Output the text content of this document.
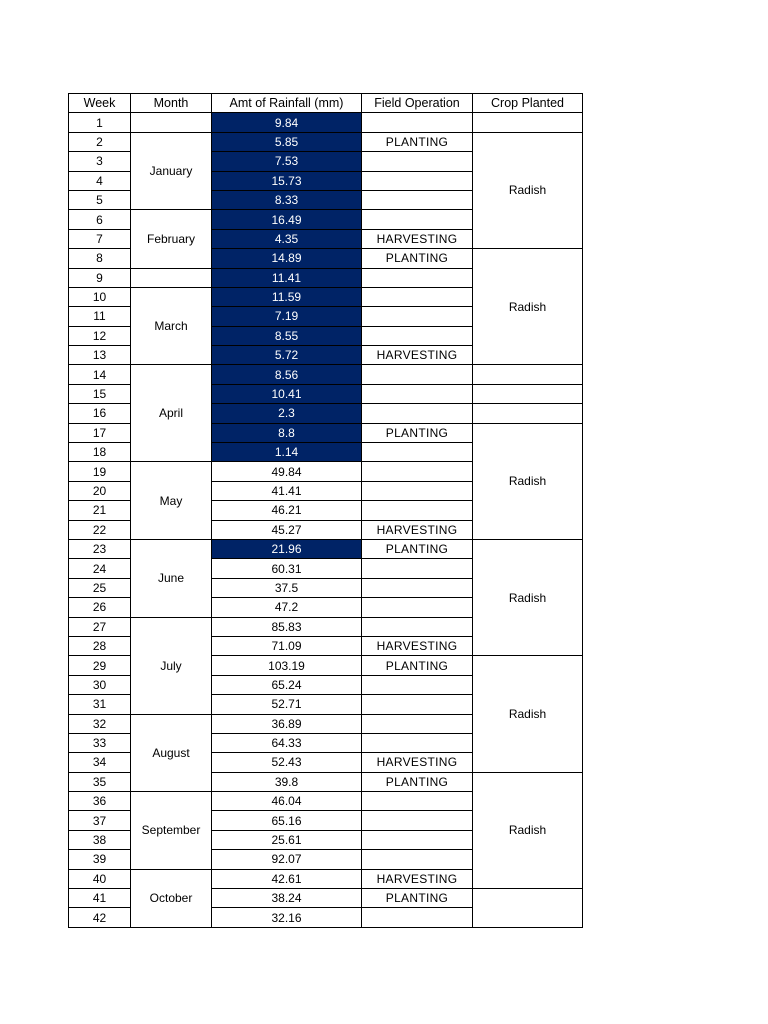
Week	Month	Amt of Rainfall (mm)	Field Operation	Crop Planted
1		9.84		
2	January	5.85	PLANTING	Radish
3		7.53		
4		15.73		
5		8.33		
6	February	16.49		
7		4.35	HARVESTING	
8		14.89	PLANTING	Radish
9		11.41		
10	March	11.59		
11		7.19		
12		8.55		
13		5.72	HARVESTING	
14	April	8.56		
15		10.41		
16		2.3		
17		8.8	PLANTING	Radish
18		1.14		
19	May	49.84		
20		41.41		
21		46.21		
22		45.27	HARVESTING	
23	June	21.96	PLANTING	Radish
24		60.31		
25		37.5		
26		47.2		
27	July	85.83		
28		71.09	HARVESTING	
29		103.19	PLANTING	Radish
30		65.24		
31		52.71		
32	August	36.89		
33		64.33		
34		52.43	HARVESTING	
35		39.8	PLANTING	Radish
36	September	46.04		
37		65.16		
38		25.61		
39		92.07		
40	October	42.61	HARVESTING	
41		38.24	PLANTING	
42		32.16		
